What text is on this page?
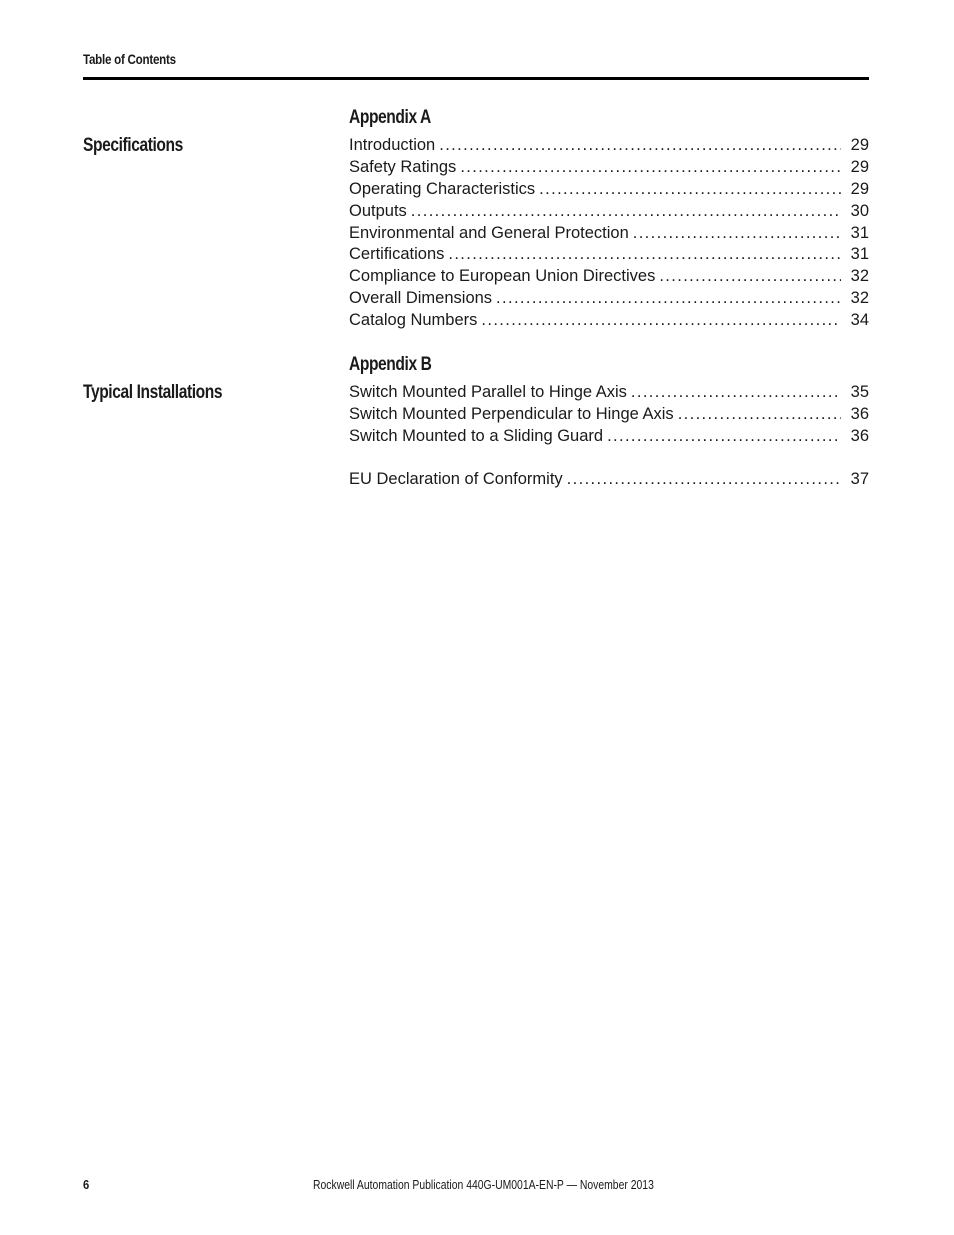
Table of Contents
Appendix A
Specifications	Introduction . . .	29
Safety Ratings . . .	29
Operating Characteristics . . .	29
Outputs . . .	30
Environmental and General Protection . . .	31
Certifications . . .	31
Compliance to European Union Directives . . .	32
Overall Dimensions . . .	32
Catalog Numbers . . .	34
Appendix B
Typical Installations	Switch Mounted Parallel to Hinge Axis . . .	35
Switch Mounted Perpendicular to Hinge Axis . . .	36
Switch Mounted to a Sliding Guard . . .	36
EU Declaration of Conformity . . .	37
6	Rockwell Automation Publication 440G-UM001A-EN-P — November 2013
